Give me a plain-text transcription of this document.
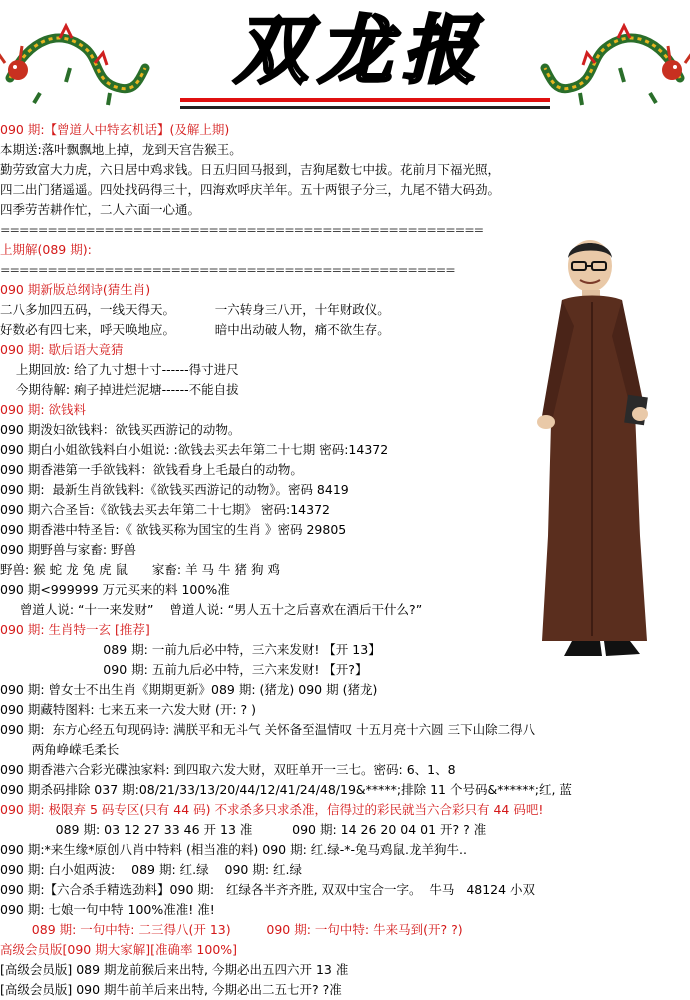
双龙报
090 期:【曾道人中特玄机话】(及解上期)
本期送:落叶飘飘地上掉，龙到天宫告猴王。
勤劳致富大力虎，六日居中鸡求钱。日五归回马报到，吉狗尾数七中拔。花前月下福光照，
四二出门猪遥遥。四处找码得三十，四海欢呼庆羊年。五十两银子分三，九尾不错大码劲。
四季劳苦耕作忙，二人六面一心通。
===================================================
上期解(089 期):
================================================
090 期新版总纲诗(猜生肖)
二八多加四五码，一线天得天。          一六转身三八开，十年财政仪。
好数必有四七来，呼天唤地应。          暗中出动破人物，痛不欲生存。
090 期: 歇后语大竟猜
上期回放: 给了九寸想十寸------得寸进尺
今期待解: 痢子掉进烂泥塘------不能自拔
090 期: 欲钱料
090 期泼妇欲钱料：欲钱买西游记的动物。
090 期白小姐欲钱料白小姐说: :欲钱去买去年第二十七期 密码:14372
090 期香港第一手欲钱料：欲钱看身上毛最白的动物。
090 期:  最新生肖欲钱料:《欲钱买西游记的动物》。密码 8419
090 期六合圣旨:《欲钱去买去年第二十七期》 密码:14372
090 期香港中特圣旨:《 欲钱买称为国宝的生肖 》密码 29805
090 期野兽与家畜: 野兽
野兽: 猴 蛇 龙 兔 虎 鼠      家畜: 羊 马 牛 猪 狗 鸡
090 期<999999 万元买来的料 100%准
曾道人说: “十一来发财”    曾道人说: “男人五十之后喜欢在酒后干什么?”
090 期: 生肖特一玄 [推荐]
089 期: 一前九后必中特，三六来发财! 【开 13】
090 期: 五前九后必中特，三六来发财! 【开?】
090 期: 曾女士不出生肖《期期更新》089 期: (猪龙) 090 期 (猪龙)
090 期藏特图料: 七来五来一六发大财 (开: ? )
090 期:  东方心经五句现码诗: 满朕平和无斗气 关怀备至温情叹 十五月亮十六圆 三下山除二得八
两角峥嵘毛柔长
090 期香港六合彩光碟浊家料: 到四取六发大财，双旺单开一三七。密码: 6、1、8
090 期杀码排除 037 期:08/21/33/13/20/44/12/41/24/48/19&*****;排除 11 个号码&******;红, 蓝
090 期: 极限弃 5 码专区(只有 44 码) 不求杀多只求杀准，信得过的彩民就当六合彩只有 44 码吧!
089 期: 03 12 27 33 46 开 13 准          090 期: 14 26 20 04 01 开? ? 准
090 期:*来生缘*原创八肖中特料 (相当准的料) 090 期: 红.绿-*-兔马鸡鼠.龙羊狗牛..
090 期: 白小姐两波:    089 期: 红.绿    090 期: 红.绿
090 期:【六合杀手精选劲料】090 期:   红绿各半齐齐胜, 双双中宝合一字。  牛马   48124 小双
090 期: 七娘一句中特 100%准准! 准!
089 期: 一句中特: 二三得八(开 13)         090 期: 一句中特: 牛来马到(开? ?)
高级会员版[090 期大家解][准确率 100%]
[高级会员版] 089 期龙前猴后来出特, 今期必出五四六开 13 准
[高级会员版] 090 期牛前羊后来出特, 今期必出二五七开? ?准
